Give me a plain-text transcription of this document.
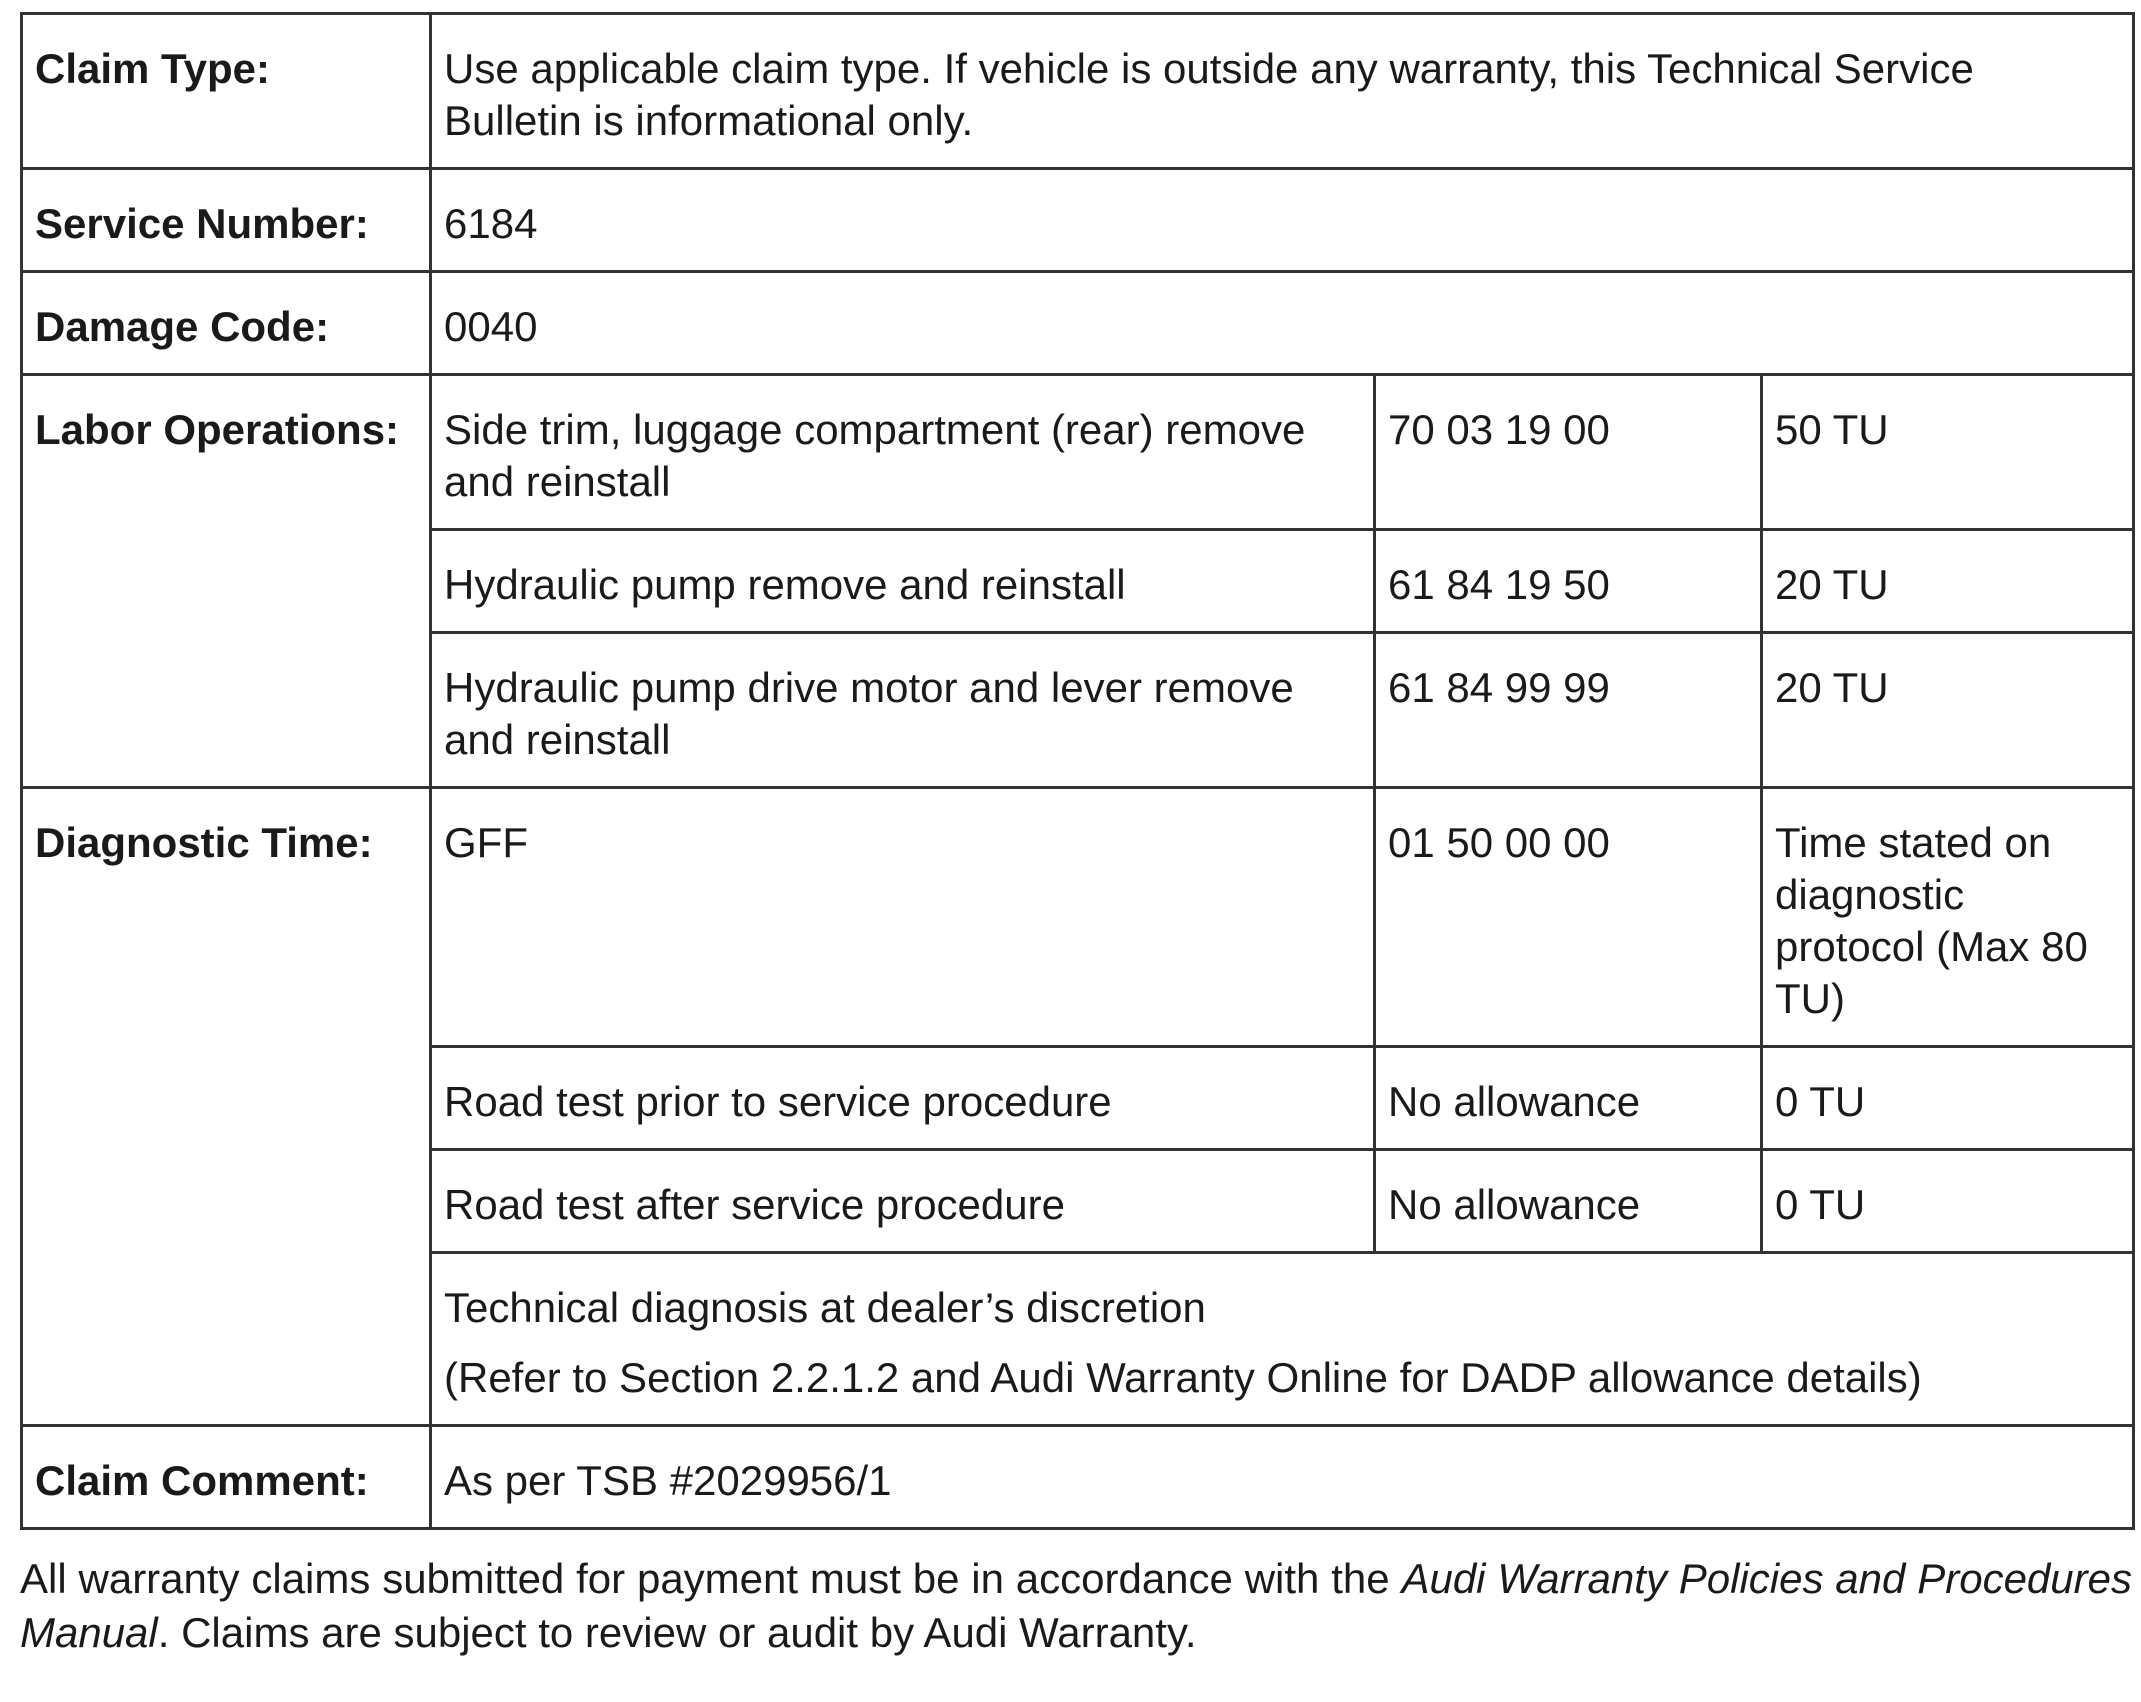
Claim Type:	Use applicable claim type. If vehicle is outside any warranty, this Technical Service Bulletin is informational only.		
Service Number:	6184		
Damage Code:	0040		
Labor Operations:	Side trim, luggage compartment (rear) remove and reinstall	70 03 19 00	50 TU
	Hydraulic pump remove and reinstall	61 84 19 50	20 TU
	Hydraulic pump drive motor and lever remove and reinstall	61 84 99 99	20 TU
Diagnostic Time:	GFF	01 50 00 00	Time stated on diagnostic protocol (Max 80 TU)
	Road test prior to service procedure	No allowance	0 TU
	Road test after service procedure	No allowance	0 TU

	Technical diagnosis at dealer’s discretion
(Refer to Section 2.2.1.2 and Audi Warranty Online for DADP allowance details)		

Claim Comment:	As per TSB #2029956/1		

All warranty claims submitted for payment must be in accordance with the Audi Warranty Policies and Procedures Manual. Claims are subject to review or audit by Audi Warranty.
